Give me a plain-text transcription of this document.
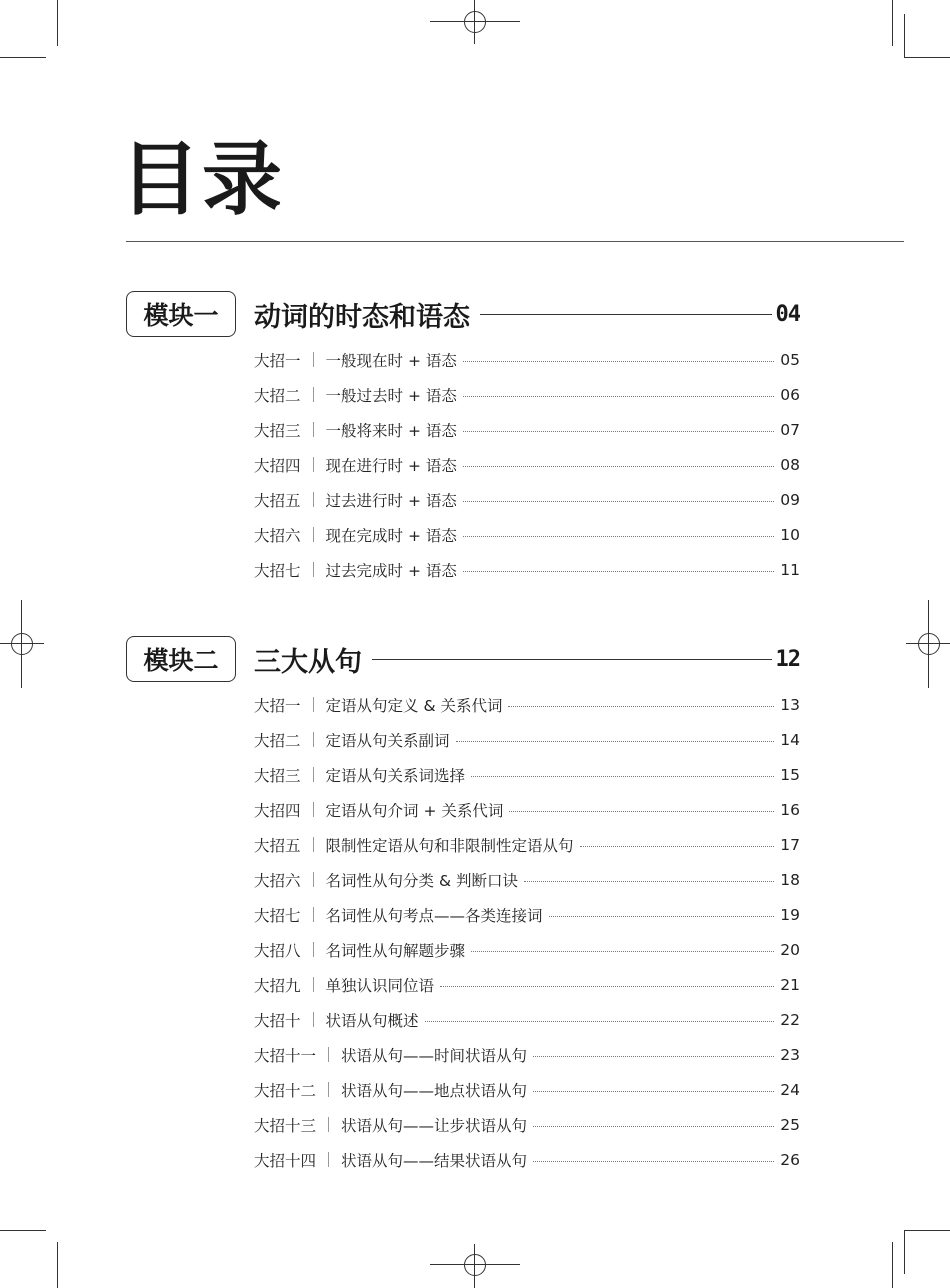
目录
模块一	动词的时态和语态	04
大招一 一般现在时 + 语态	05
大招二 一般过去时 + 语态	06
大招三 一般将来时 + 语态	07
大招四 现在进行时 + 语态	08
大招五 过去进行时 + 语态	09
大招六 现在完成时 + 语态	10
大招七 过去完成时 + 语态	11
模块二	三大从句	12
大招一 定语从句定义 & 关系代词	13
大招二 定语从句关系副词	14
大招三 定语从句关系词选择	15
大招四 定语从句介词 + 关系代词	16
大招五 限制性定语从句和非限制性定语从句	17
大招六 名词性从句分类 & 判断口诀	18
大招七 名词性从句考点——各类连接词	19
大招八 名词性从句解题步骤	20
大招九 单独认识同位语	21
大招十 状语从句概述	22
大招十一 状语从句——时间状语从句	23
大招十二 状语从句——地点状语从句	24
大招十三 状语从句——让步状语从句	25
大招十四 状语从句——结果状语从句	26
